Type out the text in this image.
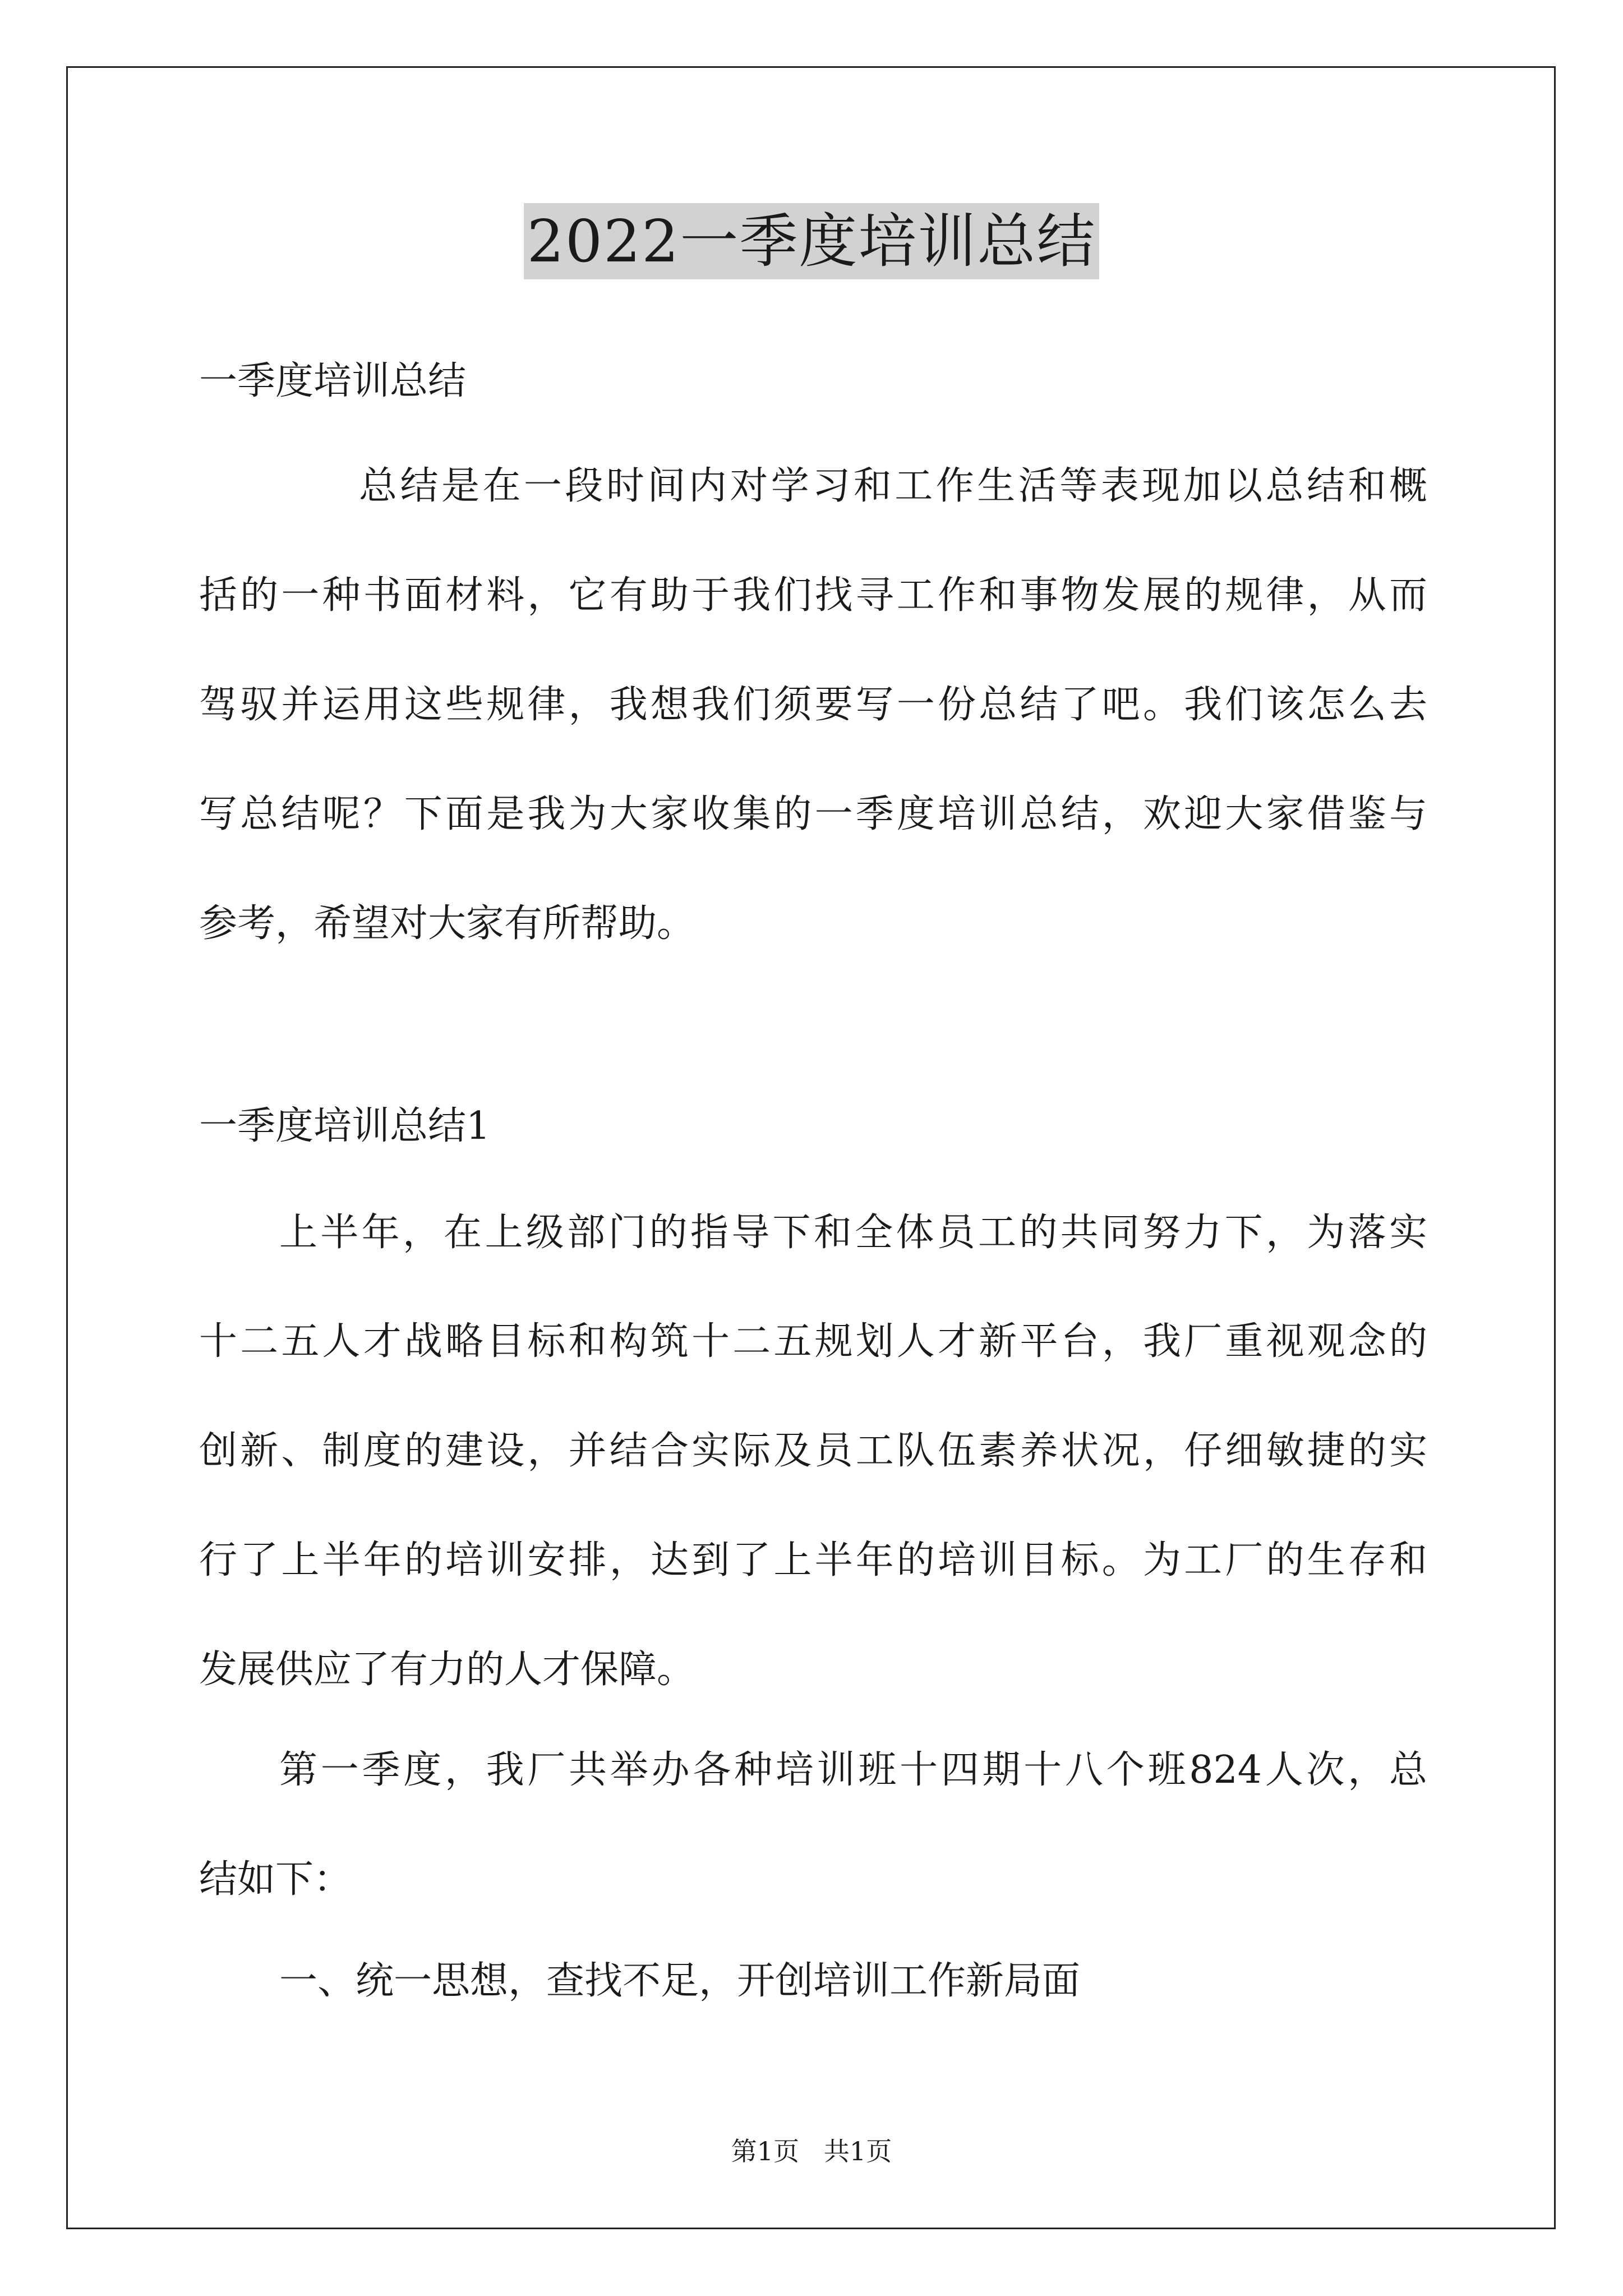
2022一季度培训总结
一季度培训总结
总结是在一段时间内对学习和工作生活等表现加以总结和概
括的一种书面材料，它有助于我们找寻工作和事物发展的规律，从而
驾驭并运用这些规律，我想我们须要写一份总结了吧。我们该怎么去
写总结呢？下面是我为大家收集的一季度培训总结，欢迎大家借鉴与
参考，希望对大家有所帮助。
一季度培训总结1
上半年，在上级部门的指导下和全体员工的共同努力下，为落实
十二五人才战略目标和构筑十二五规划人才新平台，我厂重视观念的
创新、制度的建设，并结合实际及员工队伍素养状况，仔细敏捷的实
行了上半年的培训安排，达到了上半年的培训目标。为工厂的生存和
发展供应了有力的人才保障。
第一季度，我厂共举办各种培训班十四期十八个班824人次，总
结如下：
一、统一思想，查找不足，开创培训工作新局面
第1页   共1页
